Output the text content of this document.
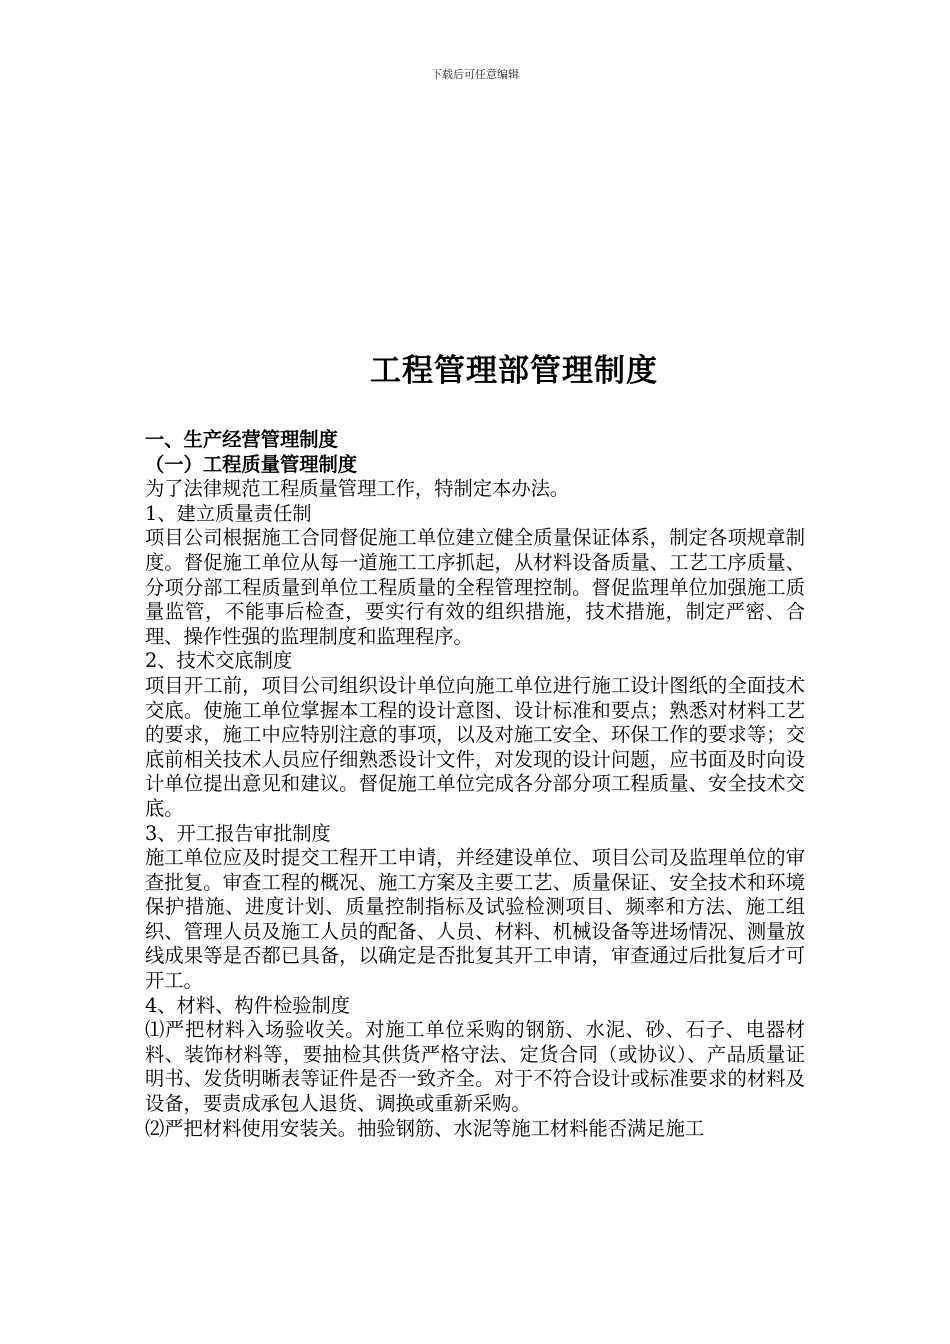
下载后可任意编辑
工程管理部管理制度

一、生产经营管理制度

（一）工程质量管理制度

为了法律规范工程质量管理工作，特制定本办法。

1、建立质量责任制

项目公司根据施工合同督促施工单位建立健全质量保证体系，制定各项规章制度。督促施工单位从每一道施工工序抓起，从材料设备质量、工艺工序质量、分项分部工程质量到单位工程质量的全程管理控制。督促监理单位加强施工质量监管，不能事后检查，要实行有效的组织措施，技术措施，制定严密、合理、操作性强的监理制度和监理程序。

2、技术交底制度

项目开工前，项目公司组织设计单位向施工单位进行施工设计图纸的全面技术交底。使施工单位掌握本工程的设计意图、设计标准和要点；熟悉对材料工艺的要求，施工中应特别注意的事项，以及对施工安全、环保工作的要求等；交底前相关技术人员应仔细熟悉设计文件，对发现的设计问题，应书面及时向设计单位提出意见和建议。督促施工单位完成各分部分项工程质量、安全技术交底。

3、开工报告审批制度

施工单位应及时提交工程开工申请，并经建设单位、项目公司及监理单位的审查批复。审查工程的概况、施工方案及主要工艺、质量保证、安全技术和环境保护措施、进度计划、质量控制指标及试验检测项目、频率和方法、施工组织、管理人员及施工人员的配备、人员、材料、机械设备等进场情况、测量放线成果等是否都已具备，以确定是否批复其开工申请，审查通过后批复后才可开工。

4、材料、构件检验制度

⑴严把材料入场验收关。对施工单位采购的钢筋、水泥、砂、石子、电器材料、装饰材料等，要抽检其供货严格守法、定货合同（或协议）、产品质量证明书、发货明晰表等证件是否一致齐全。对于不符合设计或标准要求的材料及设备，要责成承包人退货、调换或重新采购。

⑵严把材料使用安装关。抽验钢筋、水泥等施工材料能否满足施工
